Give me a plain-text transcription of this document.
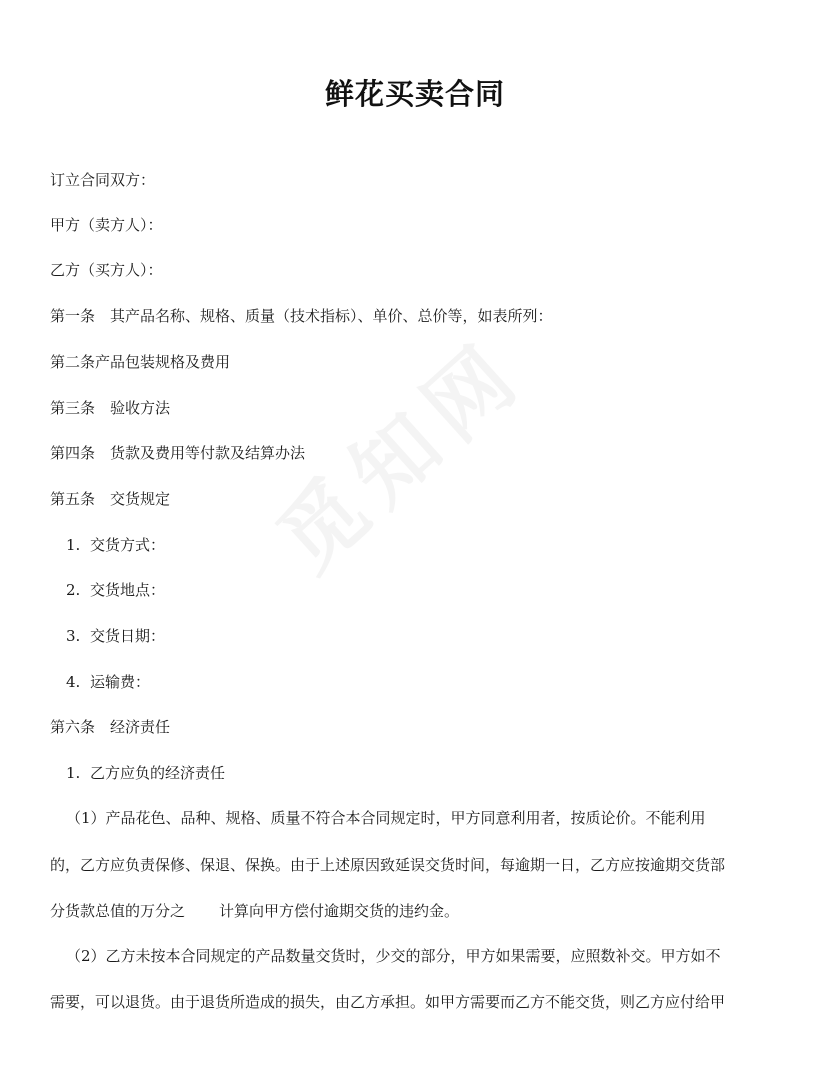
鲜花买卖合同
订立合同双方：
甲方（卖方人）：
乙方（买方人）：
第一条　其产品名称、规格、质量（技术指标）、单价、总价等，如表所列：
第二条产品包装规格及费用
第三条　验收方法
第四条　货款及费用等付款及结算办法
第五条　交货规定
1. 交货方式：
2. 交货地点：
3. 交货日期：
4. 运输费：
第六条　经济责任
1. 乙方应负的经济责任
（1）产品花色、品种、规格、质量不符合本合同规定时，甲方同意利用者，按质论价。不能利用
的，乙方应负责保修、保退、保换。由于上述原因致延误交货时间，每逾期一日，乙方应按逾期交货部
分货款总值的万分之 计算向甲方偿付逾期交货的违约金。
（2）乙方未按本合同规定的产品数量交货时，少交的部分，甲方如果需要，应照数补交。甲方如不
需要，可以退货。由于退货所造成的损失，由乙方承担。如甲方需要而乙方不能交货，则乙方应付给甲
